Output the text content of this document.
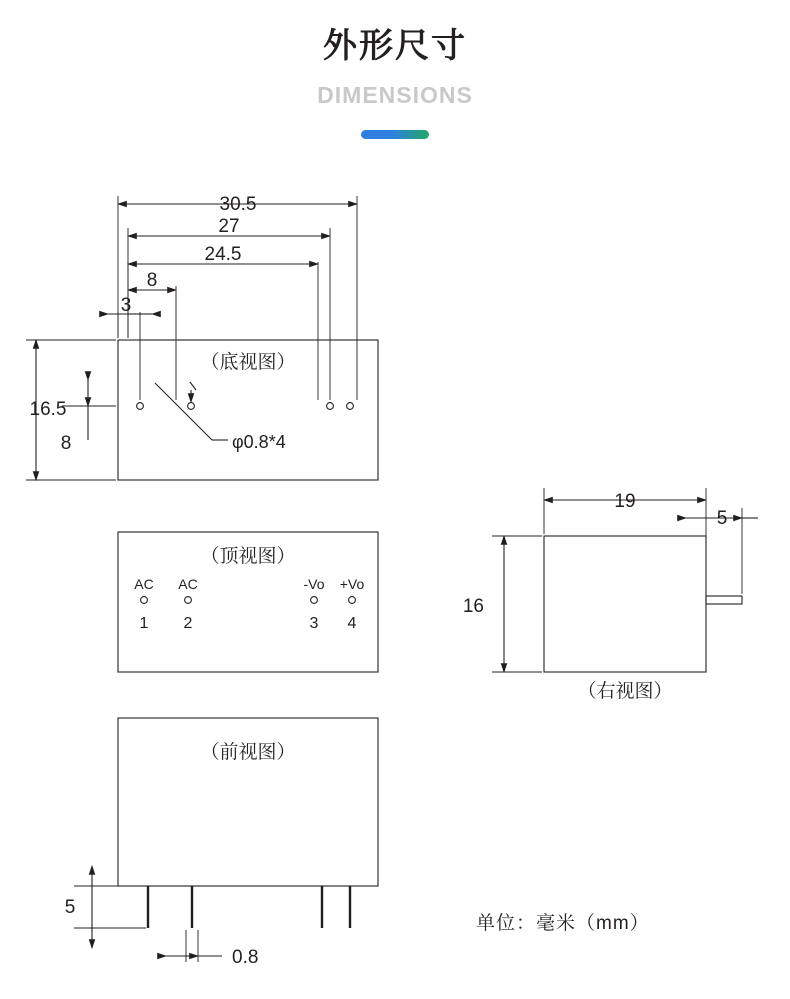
外形尺寸
DIMENSIONS
30.5
27
24.5
8
3
16.5
8
（底视图）
φ0.8*4
（顶视图）
AC AC	-Vo +Vo
1 2	3 4
（前视图）
5
0.8
19
5
16
（右视图）
单位：毫米（mm）
